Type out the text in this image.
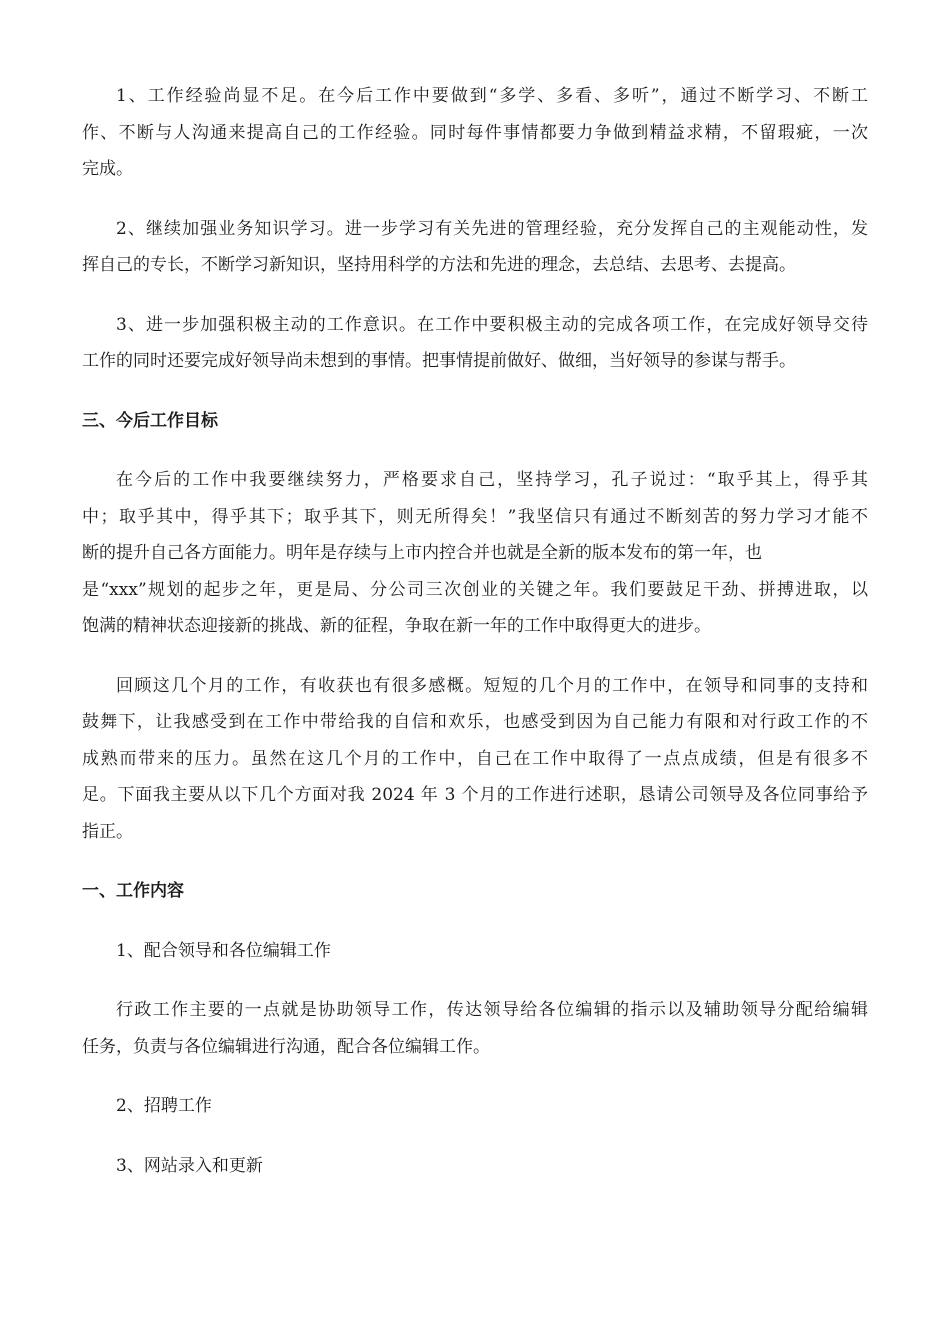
1、工作经验尚显不足。在今后工作中要做到“多学、多看、多听”，通过不断学习、不断工
作、不断与人沟通来提高自己的工作经验。同时每件事情都要力争做到精益求精，不留瑕疵，一次
完成。
2、继续加强业务知识学习。进一步学习有关先进的管理经验，充分发挥自己的主观能动性，发
挥自己的专长，不断学习新知识，坚持用科学的方法和先进的理念，去总结、去思考、去提高。
3、进一步加强积极主动的工作意识。在工作中要积极主动的完成各项工作，在完成好领导交待
工作的同时还要完成好领导尚未想到的事情。把事情提前做好、做细，当好领导的参谋与帮手。
三、今后工作目标
在今后的工作中我要继续努力，严格要求自己，坚持学习，孔子说过：“取乎其上，得乎其
中；取乎其中，得乎其下；取乎其下，则无所得矣！”我坚信只有通过不断刻苦的努力学习才能不
断的提升自己各方面能力。明年是存续与上市内控合并也就是全新的版本发布的第一年，也
是“xxx”规划的起步之年，更是局、分公司三次创业的关键之年。我们要鼓足干劲、拼搏进取，以
饱满的精神状态迎接新的挑战、新的征程，争取在新一年的工作中取得更大的进步。
回顾这几个月的工作，有收获也有很多感概。短短的几个月的工作中，在领导和同事的支持和
鼓舞下，让我感受到在工作中带给我的自信和欢乐，也感受到因为自己能力有限和对行政工作的不
成熟而带来的压力。虽然在这几个月的工作中，自己在工作中取得了一点点成绩，但是有很多不
足。下面我主要从以下几个方面对我 2024 年 3 个月的工作进行述职，恳请公司领导及各位同事给予
指正。
一、工作内容
1、配合领导和各位编辑工作
行政工作主要的一点就是协助领导工作，传达领导给各位编辑的指示以及辅助领导分配给编辑
任务，负责与各位编辑进行沟通，配合各位编辑工作。
2、招聘工作
3、网站录入和更新
